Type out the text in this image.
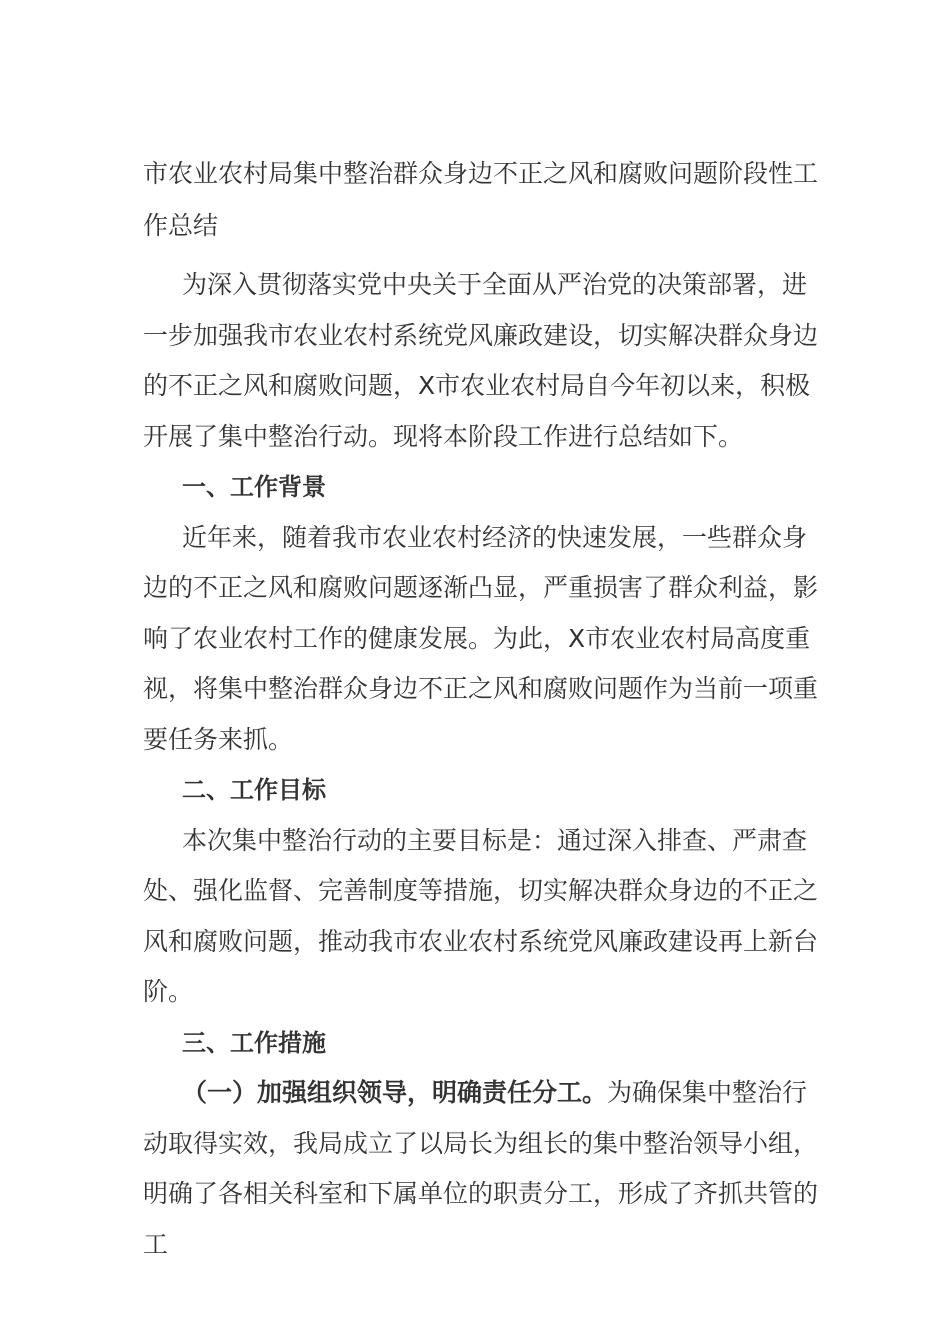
市农业农村局集中整治群众身边不正之风和腐败问题阶段性工作总结

为深入贯彻落实党中央关于全面从严治党的决策部署，进一步加强我市农业农村系统党风廉政建设，切实解决群众身边的不正之风和腐败问题，X市农业农村局自今年初以来，积极开展了集中整治行动。现将本阶段工作进行总结如下。

一、工作背景

近年来，随着我市农业农村经济的快速发展，一些群众身边的不正之风和腐败问题逐渐凸显，严重损害了群众利益，影响了农业农村工作的健康发展。为此，X市农业农村局高度重视，将集中整治群众身边不正之风和腐败问题作为当前一项重要任务来抓。

二、工作目标

本次集中整治行动的主要目标是：通过深入排查、严肃查处、强化监督、完善制度等措施，切实解决群众身边的不正之风和腐败问题，推动我市农业农村系统党风廉政建设再上新台阶。

三、工作措施

（一）加强组织领导，明确责任分工。为确保集中整治行动取得实效，我局成立了以局长为组长的集中整治领导小组，明确了各相关科室和下属单位的职责分工，形成了齐抓共管的工
